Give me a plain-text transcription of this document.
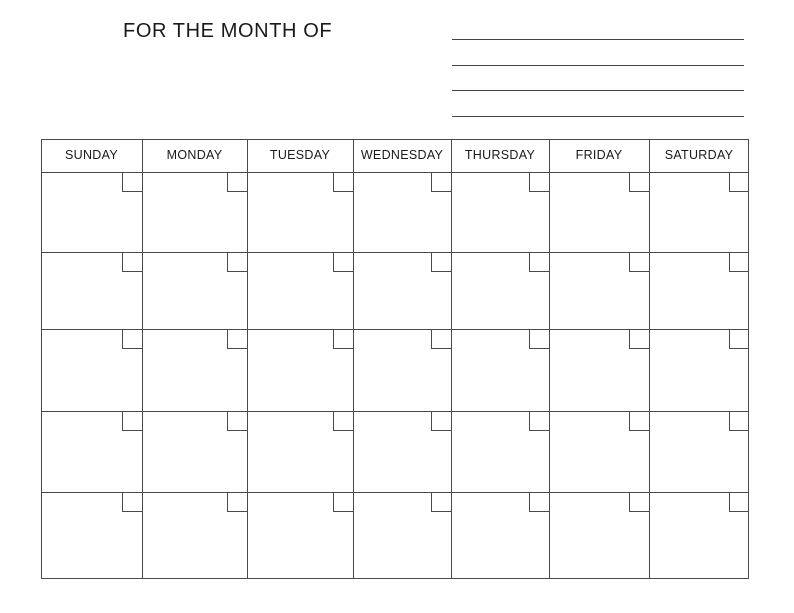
FOR THE MONTH OF
SUNDAY	MONDAY	TUESDAY	WEDNESDAY	THURSDAY	FRIDAY	SATURDAY
